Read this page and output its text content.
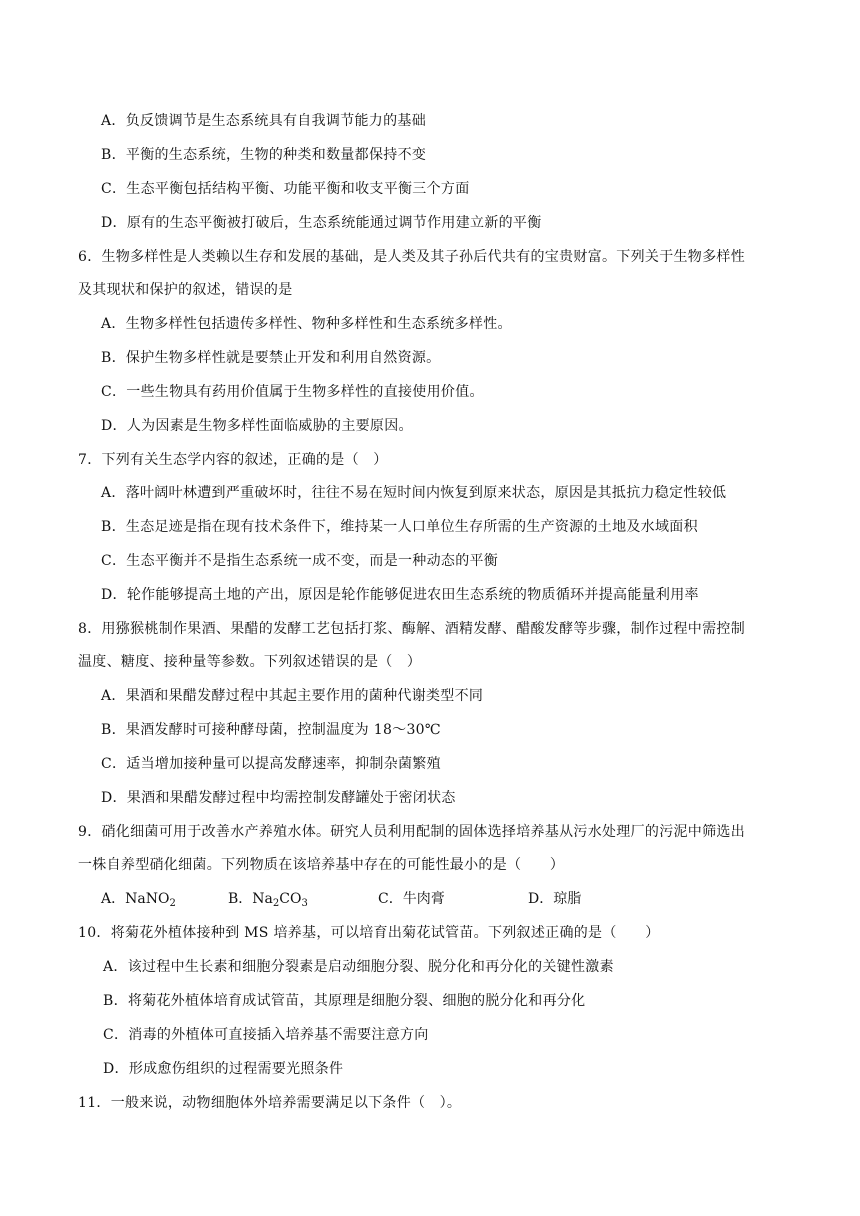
A．负反馈调节是生态系统具有自我调节能力的基础
B．平衡的生态系统，生物的种类和数量都保持不变
C．生态平衡包括结构平衡、功能平衡和收支平衡三个方面
D．原有的生态平衡被打破后，生态系统能通过调节作用建立新的平衡
6．生物多样性是人类赖以生存和发展的基础，是人类及其子孙后代共有的宝贵财富。下列关于生物多样性
及其现状和保护的叙述，错误的是
A．生物多样性包括遗传多样性、物种多样性和生态系统多样性。
B．保护生物多样性就是要禁止开发和利用自然资源。
C．一些生物具有药用价值属于生物多样性的直接使用价值。
D．人为因素是生物多样性面临威胁的主要原因。
7．下列有关生态学内容的叙述，正确的是（　）
A．落叶阔叶林遭到严重破坏时，往往不易在短时间内恢复到原来状态，原因是其抵抗力稳定性较低
B．生态足迹是指在现有技术条件下，维持某一人口单位生存所需的生产资源的土地及水域面积
C．生态平衡并不是指生态系统一成不变，而是一种动态的平衡
D．轮作能够提高土地的产出，原因是轮作能够促进农田生态系统的物质循环并提高能量利用率
8．用猕猴桃制作果酒、果醋的发酵工艺包括打浆、酶解、酒精发酵、醋酸发酵等步骤，制作过程中需控制
温度、糖度、接种量等参数。下列叙述错误的是（　）
A．果酒和果醋发酵过程中其起主要作用的菌种代谢类型不同
B．果酒发酵时可接种酵母菌，控制温度为 18～30℃
C．适当增加接种量可以提高发酵速率，抑制杂菌繁殖
D．果酒和果醋发酵过程中均需控制发酵罐处于密闭状态
9．硝化细菌可用于改善水产养殖水体。研究人员利用配制的固体选择培养基从污水处理厂的污泥中筛选出
一株自养型硝化细菌。下列物质在该培养基中存在的可能性最小的是（　　）
A．NaNO$_2$	B．$Na_2CO_3$	C．牛肉膏	D．琼脂
10．将菊花外植体接种到 MS 培养基，可以培育出菊花试管苗。下列叙述正确的是（　　）
A．该过程中生长素和细胞分裂素是启动细胞分裂、脱分化和再分化的关键性激素
B．将菊花外植体培育成试管苗，其原理是细胞分裂、细胞的脱分化和再分化
C．消毒的外植体可直接插入培养基不需要注意方向
D．形成愈伤组织的过程需要光照条件
11．一般来说，动物细胞体外培养需要满足以下条件（　）。
